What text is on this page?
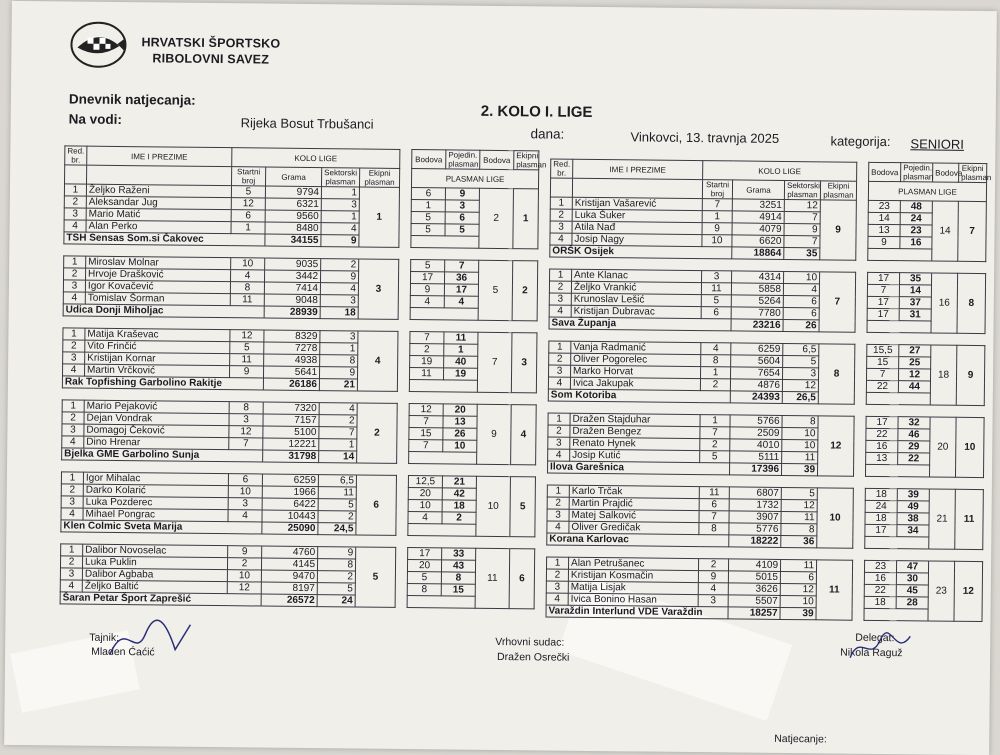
HRVATSKI ŠPORTSKO
RIBOLOVNI SAVEZ
Dnevnik natjecanja:
Na vodi:	Rijeka Bosut Trbušanci
2. KOLO I. LIGE
dana:	Vinkovci, 13. travnja 2025	kategorija: SENIORI
Red. br.	IME I PREZIME	KOLO LIGE					Bodova	Pojedin. plasman	Bodova	Ekipni plasman
		Startni broj	Grama	Sektorski plasman	Ekipni plasman		PLASMAN LIGE			
1	Željko Raženi	5	9794	1	1		6	9	2	1
2	Aleksandar Jug	12	6321	3			1	3		
3	Mario Matić	6	9560	1			5	6		
4	Alan Perko	1	8480	4			5	5		
TSH Sensas Som.si Čakovec			34155	9						

1	Miroslav Molnar	10	9035	2	3		5	7	5	2
2	Hrvoje Drašković	4	3442	9			17	36		
3	Igor Kovačević	8	7414	4			9	17		
4	Tomislav Šorman	11	9048	3			4	4		
Udica Donji Miholjac			28939	18						

1	Matija Kraševac	12	8329	3	4		7	11	7	3
2	Vito Frinčić	5	7278	1			2	1		
3	Kristijan Kornar	11	4938	8			19	40		
4	Martin Vrčković	9	5641	9			11	19		
Rak Topfishing Garbolino Rakitje			26186	21						

1	Mario Pejaković	8	7320	4	2		12	20	9	4
2	Dejan Vondrak	3	7157	2			7	13		
3	Domagoj Čeković	12	5100	7			15	26		
4	Dino Hrenar	7	12221	1			7	10		
Bjelka GME Garbolino Sunja			31798	14						

1	Igor Mihalac	6	6259	6,5	6		12,5	21	10	5
2	Darko Kolarić	10	1966	11			20	42		
3	Luka Pozderec	3	6422	5			10	18		
4	Mihael Pongrac	4	10443	2			4	2		
Klen Colmic Sveta Marija			25090	24,5						

1	Dalibor Novoselac	9	4760	9	5		17	33	11	6
2	Luka Puklin	2	4145	8			20	43		
3	Dalibor Agbaba	10	9470	2			5	8		
4	Željko Baltić	12	8197	5			8	15		
Šaran Petar Šport Zaprešić			26572	24						
Red. br.	IME I PREZIME	KOLO LIGE					Bodova	Pojedin. plasman	Bodova	Ekipni plasman
		Startni broj	Grama	Sektorski plasman	Ekipni plasman		PLASMAN LIGE			
1	Kristijan Vašarević	7	3251	12	9		23	48	14	7
2	Luka Šuker	1	4914	7			14	24		
3	Atila Nađ	9	4079	9			13	23		
4	Josip Nagy	10	6620	7			9	16		
ORŠK Osijek			18864	35						

1	Ante Klanac	3	4314	10	7		17	35	16	8
2	Željko Vrankić	11	5858	4			7	14		
3	Krunoslav Lešić	5	5264	6			17	37		
4	Kristijan Dubravac	6	7780	6			17	31		
Sava Županja			23216	26						

1	Vanja Radmanić	4	6259	6,5	8		15,5	27	18	9
2	Oliver Pogorelec	8	5604	5			15	25		
3	Marko Horvat	1	7654	3			7	12		
4	Ivica Jakupak	2	4876	12			22	44		
Som Kotoriba			24393	26,5						

1	Dražen Stajduhar	1	5766	8	12		17	32	20	10
2	Dražen Bengez	7	2509	10			22	46		
3	Renato Hynek	2	4010	10			16	29		
4	Josip Kutić	5	5111	11			13	22		
Ilova Garešnica			17396	39						

1	Karlo Trčak	11	6807	5	10		18	39	21	11
2	Martin Prajdić	6	1732	12			24	49		
3	Matej Salković	7	3907	11			18	38		
4	Oliver Gredičak	8	5776	8			17	34		
Korana Karlovac			18222	36						

1	Alan Petrušanec	2	4109	11	11		23	47	23	12
2	Kristijan Kosmačin	9	5015	6			16	30		
3	Matija Lisjak	4	3626	12			22	45		
4	Ivica Bonino Hasan	3	5507	10			18	28		
Varaždin Interlund VDE Varaždin			18257	39						
Tajnik:
Mladen Ćaćić
Vrhovni sudac:
Dražen Osrečki
Delegat:
Nikola Raguž
Natjecanje:
